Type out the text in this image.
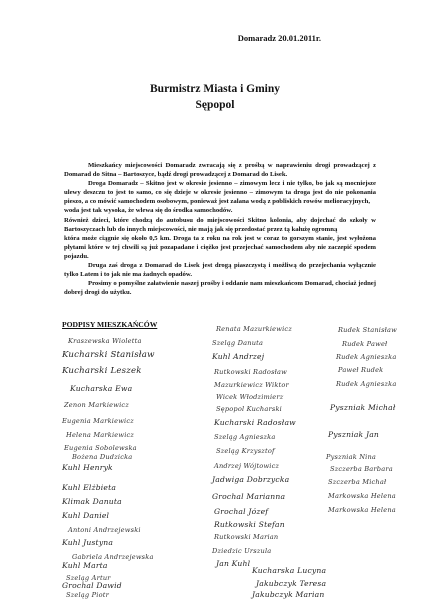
Domaradz 20.01.2011r.
Burmistrz Miasta i Gminy
Sępopol

Mieszkańcy miejscowości Domaradz zwracają się z prośbą w naprawieniu drogi prowadzącej z Domarad do Sitna – Bartoszyce, bądź drogi prowadzącej z Domarad do Lisek.

Droga Domaradz – Skitno jest w okresie jesienno – zimowym lecz i nie tylko, bo jak są mocniejsze ulewy deszczu to jest to samo, co się dzieje w okresie jesienno – zimowym ta droga jest do nie pokonania pieszo, a co mówić samochodem osobowym, ponieważ jest zalana wodą z pobliskich rowów melioracyjnych,

woda jest tak wysoka, że wlewa się do środka samochodów.

Również dzieci, które chodzą do autobusu do miejscowości Skitno kolonia, aby dojechać do szkoły w Bartoszyczach lub do innych miejscowości, nie mają jak się przedostać przez tą kałużę ogromną

która może ciągnie się około 0,5 km. Droga ta z roku na rok jest w coraz to gorszym stanie, jest wyłożona płytami które w tej chwili są już pozapadane i ciężko jest przejechać samochodem aby nie zaczepić spodem pojazdu.

Druga zaś droga z Domarad do Lisek jest drogą piaszczystą i możliwą do przejechania wyłącznie tylko Latem i to jak nie ma żadnych opadów.

Prosimy o pomyślne załatwienie naszej prośby i oddanie nam mieszkańcom Domarad, chociaż jednej dobrej drogi do użytku.

PODPISY MIESZKAŃCÓW
Kraszewska Wioletta
Kucharski Stanisław
Kucharski Leszek
Kucharska Ewa
Zenon Markiewicz
Eugenia Markiewicz
Helena Markiewicz
Eugenia Sobolewska
Bożena Dudzicka
Kuhl Henryk
Kuhl Elżbieta
Klimak Danuta
Kuhl Daniel
Antoni Andrzejewski
Kuhl Justyna
Gabriela Andrzejewska
Kuhl Marta
Szeląg Artur
Grochal Dawid
Szeląg Piotr
Renata Mazurkiewicz
Szeląg Danuta
Kuhl Andrzej
Rutkowski Radosław
Mazurkiewicz Wiktor
Wicek Włodzimierz
Sępopol Kucharski
Kucharski Radosław
Szeląg Agnieszka
Szeląg Krzysztof
Andrzej Wójtowicz
Jadwiga Dobrzycka
Grochal Marianna
Grochal Józef
Rutkowski Stefan
Rutkowski Marian
Dziedzic Urszula
Jan Kuhl
Kucharska Lucyna
Jakubczyk Teresa
Jakubczyk Marian
Rudek Stanisław
Rudek Paweł
Rudek Agnieszka
Paweł Rudek
Rudek Agnieszka
Pyszniak Michał
Pyszniak Jan
Pyszniak Nina
Szczerba Barbara
Szczerba Michał
Markowska Helena
Markowska Helena
